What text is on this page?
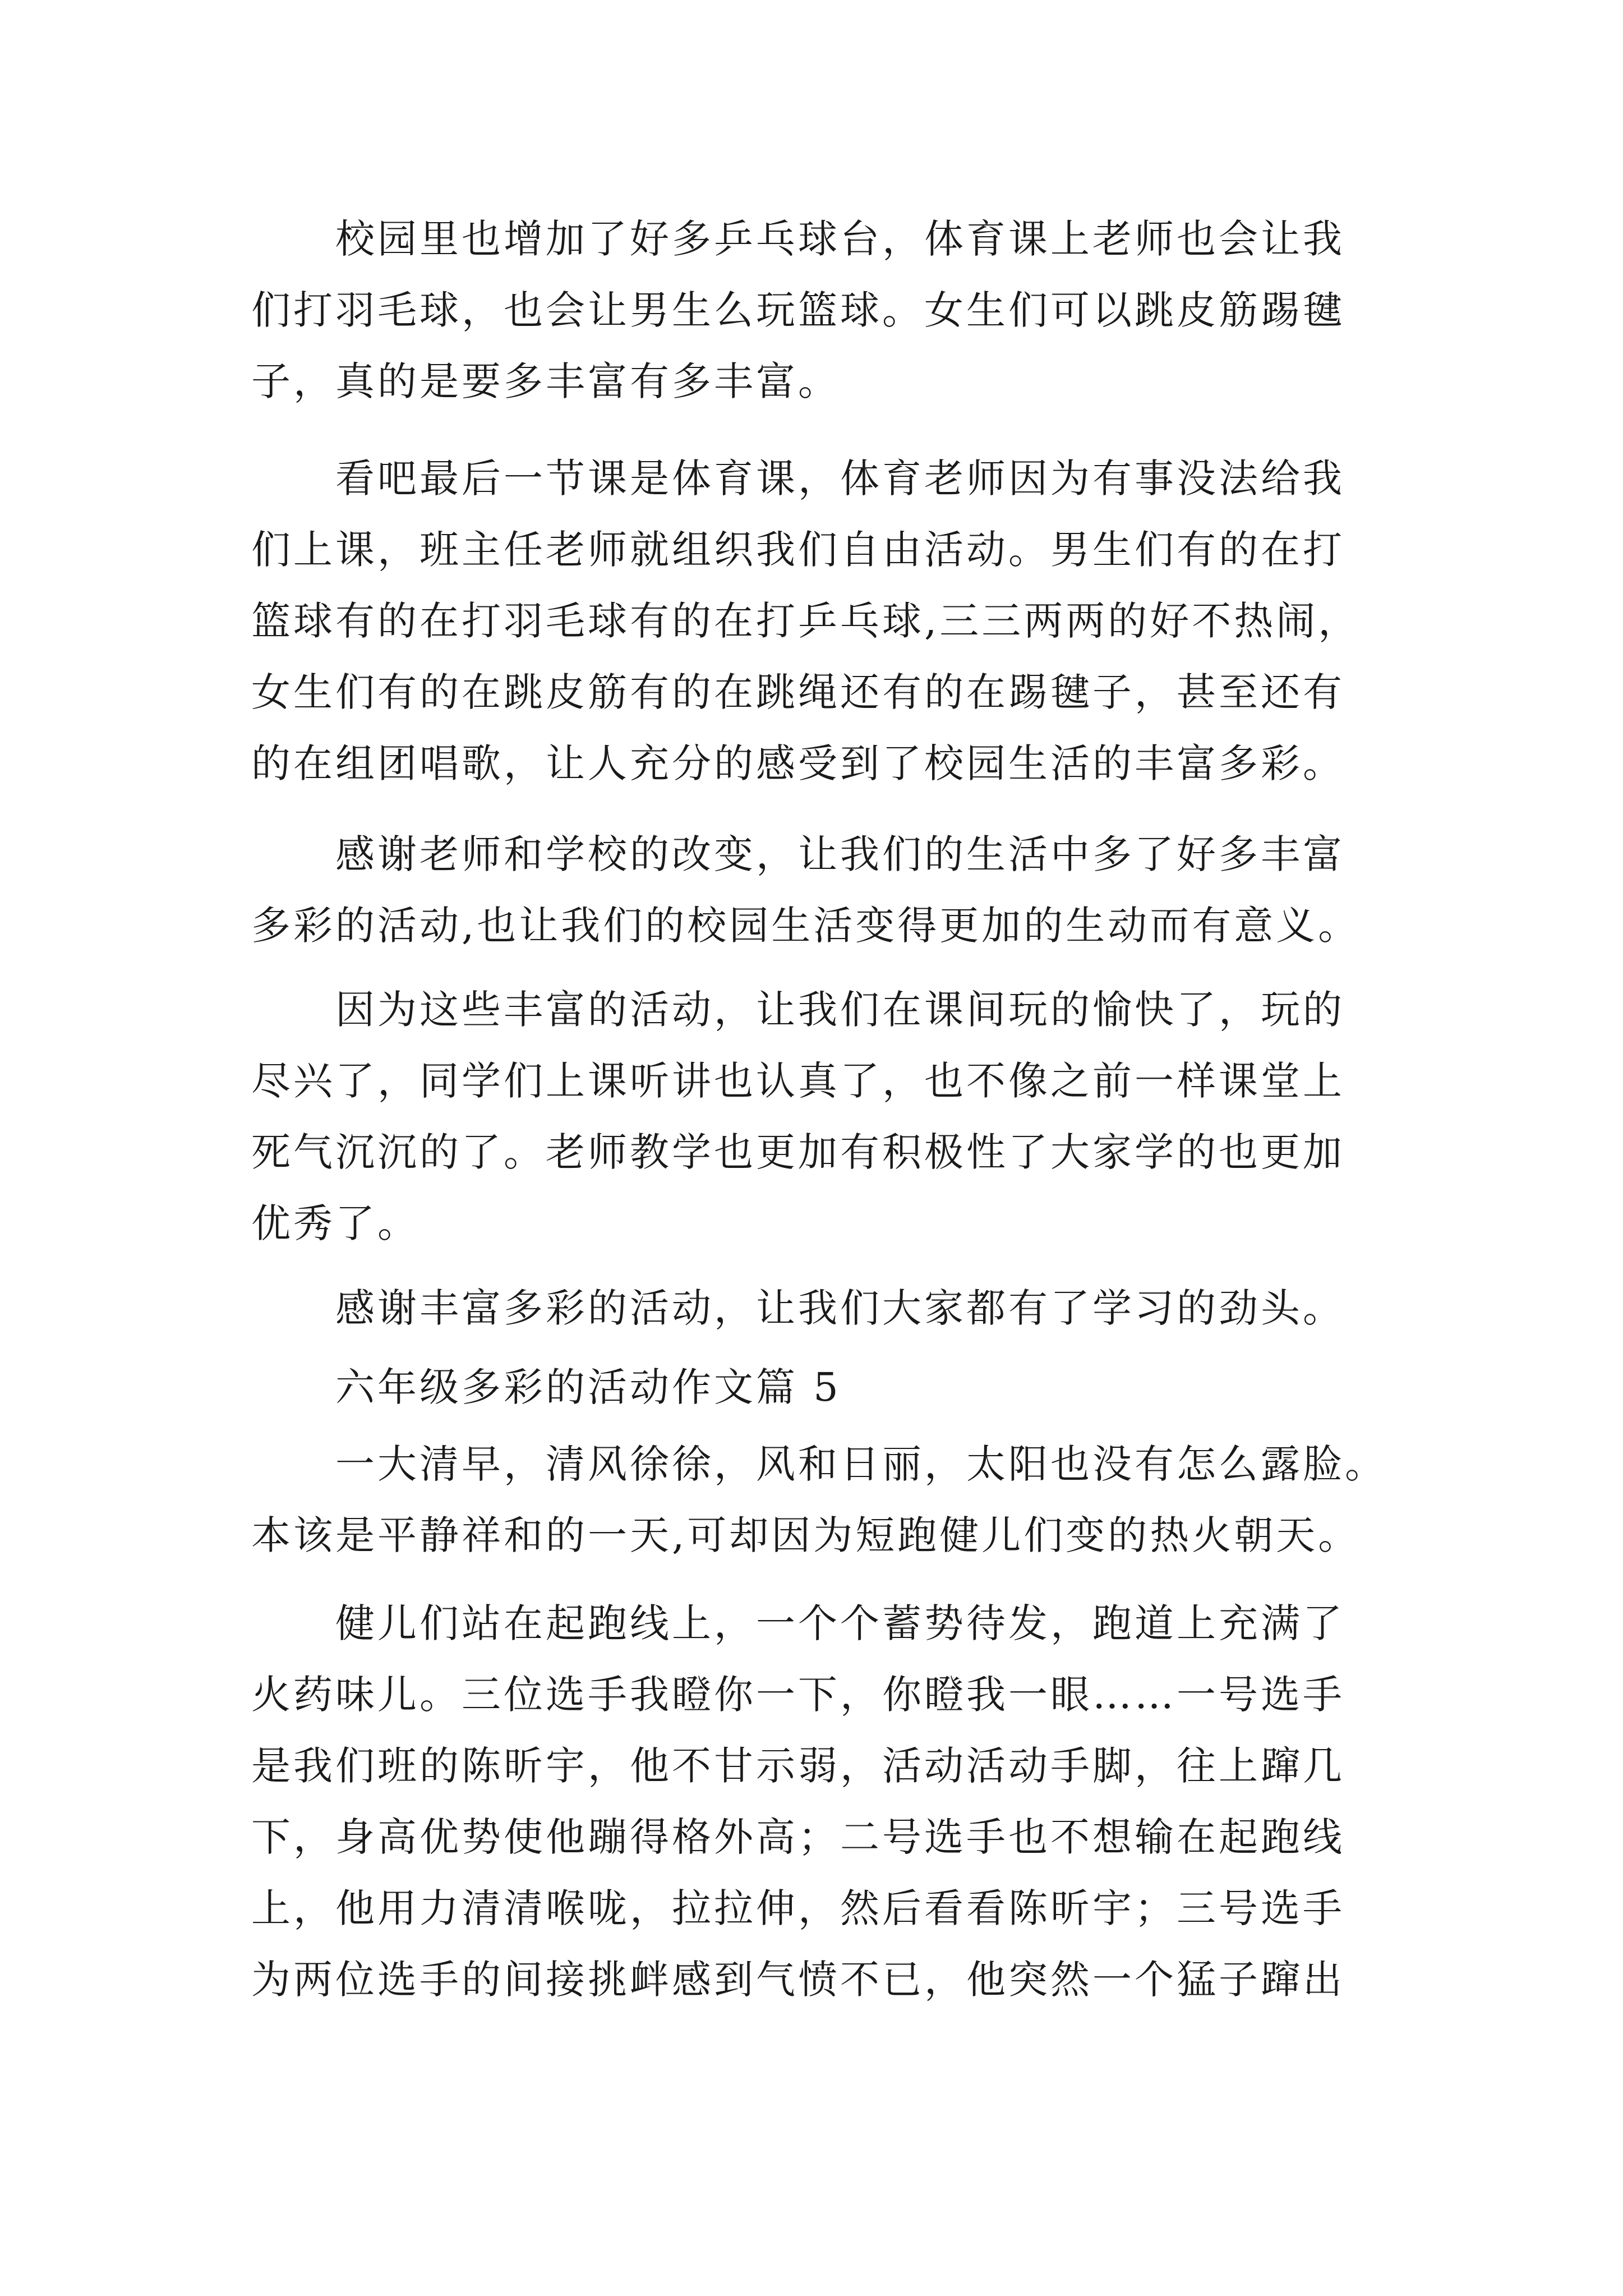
校园里也增加了好多乒乓球台，体育课上老师也会让我

们打羽毛球，也会让男生么玩篮球。女生们可以跳皮筋踢毽

子，真的是要多丰富有多丰富。

看吧最后一节课是体育课，体育老师因为有事没法给我

们上课，班主任老师就组织我们自由活动。男生们有的在打

篮球有的在打羽毛球有的在打乒乓球,三三两两的好不热闹，

女生们有的在跳皮筋有的在跳绳还有的在踢毽子，甚至还有

的在组团唱歌，让人充分的感受到了校园生活的丰富多彩。

感谢老师和学校的改变，让我们的生活中多了好多丰富

多彩的活动,也让我们的校园生活变得更加的生动而有意义。

因为这些丰富的活动，让我们在课间玩的愉快了，玩的

尽兴了，同学们上课听讲也认真了，也不像之前一样课堂上

死气沉沉的了。老师教学也更加有积极性了大家学的也更加

优秀了。

感谢丰富多彩的活动，让我们大家都有了学习的劲头。

六年级多彩的活动作文篇 5

一大清早，清风徐徐，风和日丽，太阳也没有怎么露脸。

本该是平静祥和的一天,可却因为短跑健儿们变的热火朝天。

健儿们站在起跑线上，一个个蓄势待发，跑道上充满了

火药味儿。三位选手我瞪你一下，你瞪我一眼……一号选手

是我们班的陈昕宇，他不甘示弱，活动活动手脚，往上蹿几

下，身高优势使他蹦得格外高；二号选手也不想输在起跑线

上，他用力清清喉咙，拉拉伸，然后看看陈昕宇；三号选手

为两位选手的间接挑衅感到气愤不已，他突然一个猛子蹿出
